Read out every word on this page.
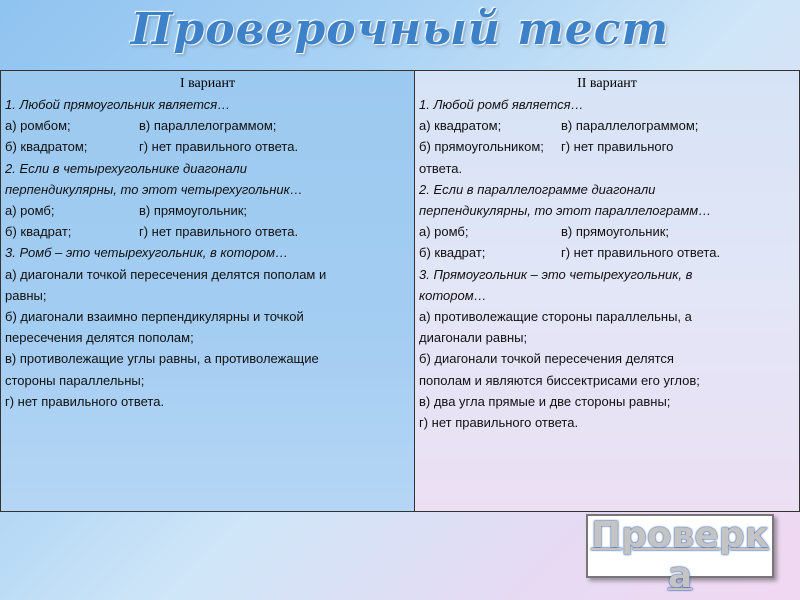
Проверочный тест
I вариант
1. Любой прямоугольник является…
а) ромбом;	в) параллелограммом;
б) квадратом;	г) нет правильного ответа.
2. Если в четырехугольнике диагонали
перпендикулярны, то этот четырехугольник…
а) ромб;	в) прямоугольник;
б) квадрат;	г) нет правильного ответа.
3. Ромб – это четырехугольник, в котором…
а) диагонали точкой пересечения делятся пополам и
равны;
б) диагонали взаимно перпендикулярны и точкой
пересечения делятся пополам;
в) противолежащие углы равны, а противолежащие
стороны параллельны;
г) нет правильного ответа.
II вариант
1. Любой ромб является…
а) квадратом;	в) параллелограммом;
б) прямоугольником; г) нет правильного
ответа.
2. Если в параллелограмме диагонали
перпендикулярны, то этот параллелограмм…
а) ромб;	в) прямоугольник;
б) квадрат;	г) нет правильного ответа.
3. Прямоугольник – это четырехугольник, в
котором…
а) противолежащие стороны параллельны, а
диагонали равны;
б) диагонали точкой пересечения делятся
пополам и являются биссектрисами его углов;
в) два угла прямые и две стороны равны;
г) нет правильного ответа.
Проверка
